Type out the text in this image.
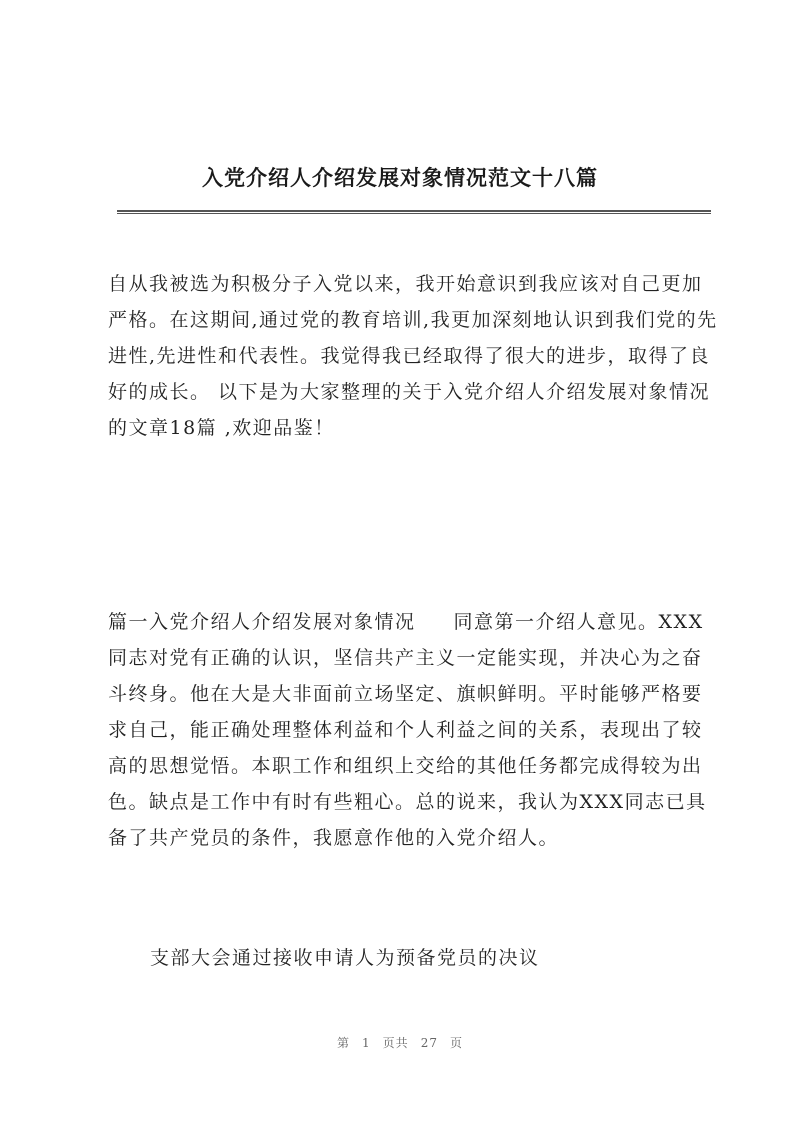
入党介绍人介绍发展对象情况范文十八篇

自从我被选为积极分子入党以来，我开始意识到我应该对自己更加严格。在这期间,通过党的教育培训,我更加深刻地认识到我们党的先进性,先进性和代表性。我觉得我已经取得了很大的进步，取得了良好的成长。 以下是为大家整理的关于入党介绍人介绍发展对象情况的文章18篇 ,欢迎品鉴！

篇一入党介绍人介绍发展对象情况 同意第一介绍人意见。XXX同志对党有正确的认识，坚信共产主义一定能实现，并决心为之奋斗终身。他在大是大非面前立场坚定、旗帜鲜明。平时能够严格要求自己，能正确处理整体利益和个人利益之间的关系，表现出了较高的思想觉悟。本职工作和组织上交给的其他任务都完成得较为出色。缺点是工作中有时有些粗心。总的说来，我认为XXX同志已具备了共产党员的条件，我愿意作他的入党介绍人。

支部大会通过接收申请人为预备党员的决议

第 1 页共 27 页
